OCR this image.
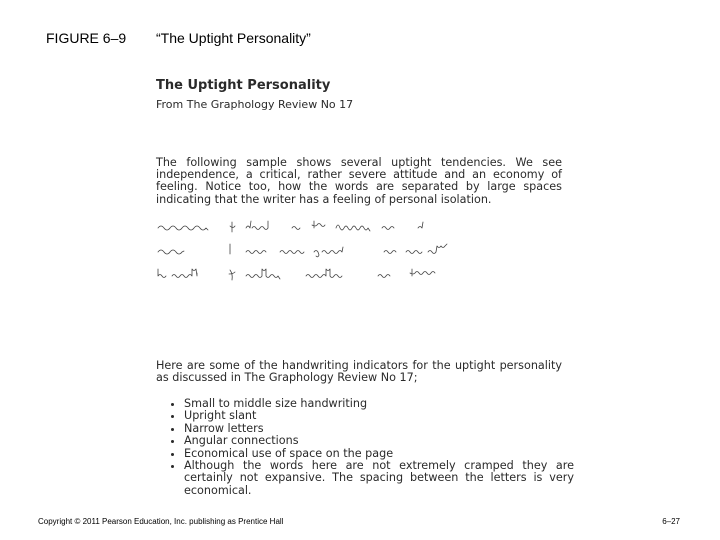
FIGURE 6–9 “The Uptight Personality”

The Uptight Personality

From The Graphology Review No 17

The following sample shows several uptight tendencies. We see independence, a critical, rather severe attitude and an economy of feeling. Notice too, how the words are separated by large spaces indicating that the writer has a feeling of personal isolation.

Here are some of the handwriting indicators for the uptight personality as discussed in The Graphology Review No 17;

• Small to middle size handwriting
• Upright slant
• Narrow letters
• Angular connections
• Economical use of space on the page
• Although the words here are not extremely cramped they are certainly not expansive. The spacing between the letters is very economical.
Copyright © 2011 Pearson Education, Inc. publishing as Prentice Hall	6–27
